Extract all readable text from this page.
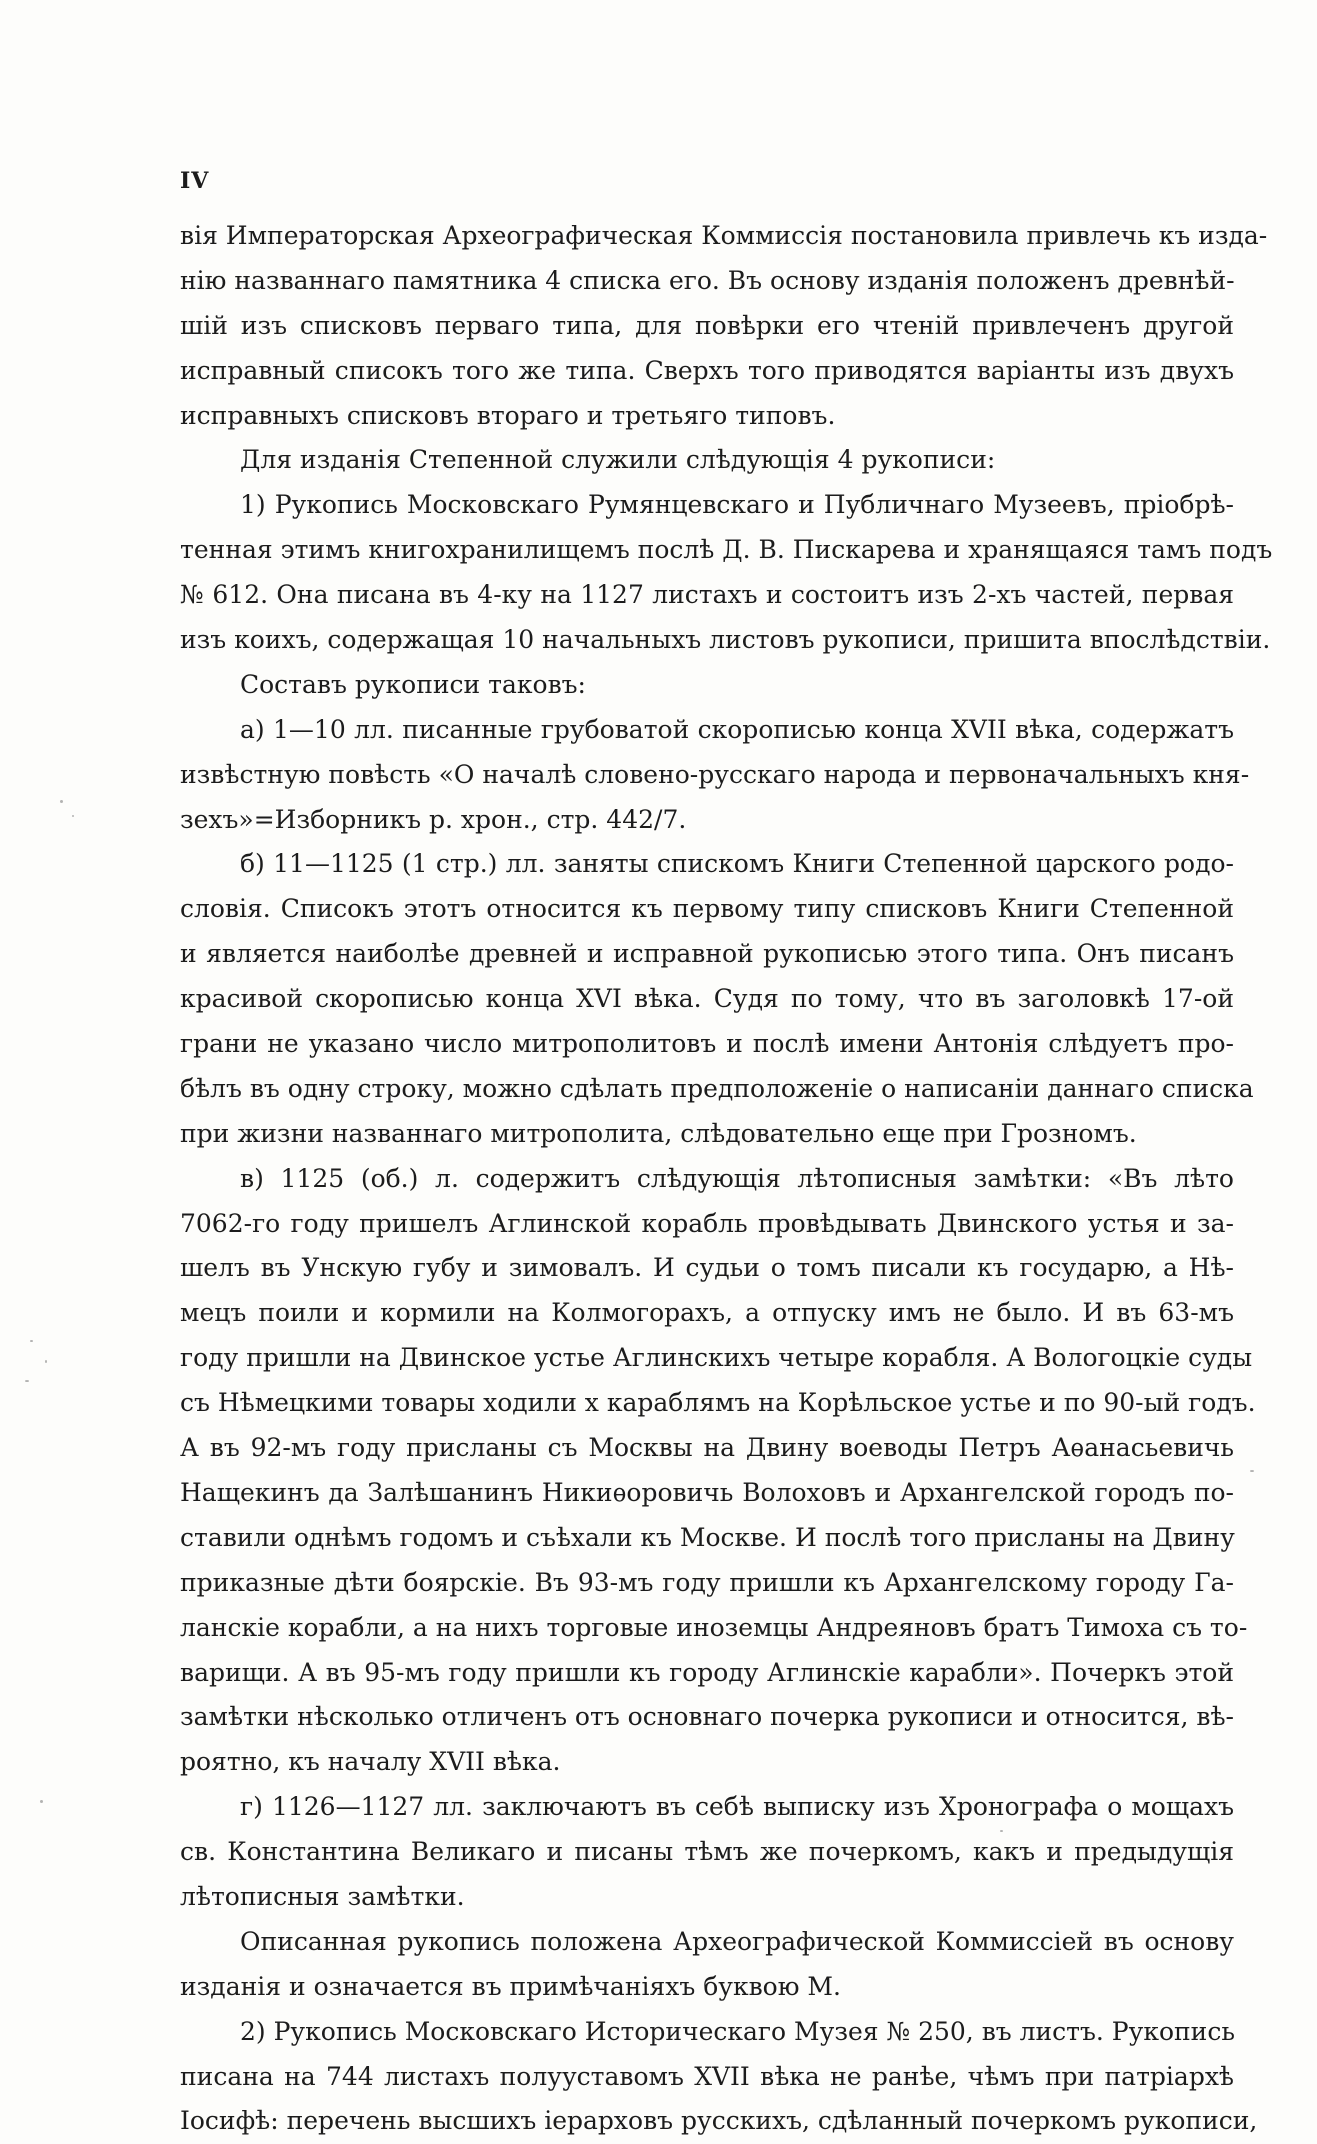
IV
вія Императорская Археографическая Коммиссія постановила привлечь къ изда-
нію названнаго памятника 4 списка его. Въ основу изданія положенъ древнѣй-
шій изъ списковъ перваго типа, для повѣрки его чтеній привлеченъ другой
исправный списокъ того же типа. Сверхъ того приводятся варіанты изъ двухъ
исправныхъ списковъ втораго и третьяго типовъ.
Для изданія Степенной служили слѣдующія 4 рукописи:
1) Рукопись Московскаго Румянцевскаго и Публичнаго Музеевъ, пріобрѣ-
тенная этимъ книгохранилищемъ послѣ Д. В. Пискарева и хранящаяся тамъ подъ
№ 612. Она писана въ 4-ку на 1127 листахъ и состоитъ изъ 2-хъ частей, первая
изъ коихъ, содержащая 10 начальныхъ листовъ рукописи, пришита впослѣдствіи.
Составъ рукописи таковъ:
а) 1—10 лл. писанные грубоватой скорописью конца XVII вѣка, содержатъ
извѣстную повѣсть «О началѣ словено-русскаго народа и первоначальныхъ кня-
зехъ»=Изборникъ р. хрон., стр. 442/7.
б) 11—1125 (1 стр.) лл. заняты спискомъ Книги Степенной царского родо-
словія. Списокъ этотъ относится къ первому типу списковъ Книги Степенной
и является наиболѣе древней и исправной рукописью этого типа. Онъ писанъ
красивой скорописью конца XVI вѣка. Судя по тому, что въ заголовкѣ 17-ой
грани не указано число митрополитовъ и послѣ имени Антонія слѣдуетъ про-
бѣлъ въ одну строку, можно сдѣлать предположеніе о написаніи даннаго списка
при жизни названнаго митрополита, слѣдовательно еще при Грозномъ.
в) 1125 (об.) л. содержитъ слѣдующія лѣтописныя замѣтки: «Въ лѣто
7062-го году пришелъ Аглинской корабль провѣдывать Двинского устья и за-
шелъ въ Унскую губу и зимовалъ. И судьи о томъ писали къ государю, а Нѣ-
мецъ поили и кормили на Колмогорахъ, а отпуску имъ не было. И въ 63-мъ
году пришли на Двинское устье Аглинскихъ четыре корабля. А Вологоцкіе суды
съ Нѣмецкими товары ходили х караблямъ на Корѣльское устье и по 90-ый годъ.
А въ 92-мъ году присланы съ Москвы на Двину воеводы Петръ Аѳанасьевичь
Нащекинъ да Залѣшанинъ Никиѳоровичь Волоховъ и Архангелской городъ по-
ставили однѣмъ годомъ и съѣхали къ Москве. И послѣ того присланы на Двину
приказные дѣти боярскіе. Въ 93-мъ году пришли къ Архангелскому городу Га-
ланскіе корабли, а на нихъ торговые иноземцы Андреяновъ братъ Тимоха съ то-
варищи. А въ 95-мъ году пришли къ городу Аглинскіе карабли». Почеркъ этой
замѣтки нѣсколько отличенъ отъ основнаго почерка рукописи и относится, вѣ-
роятно, къ началу XVII вѣка.
г) 1126—1127 лл. заключаютъ въ себѣ выписку изъ Хронографа о мощахъ
св. Константина Великаго и писаны тѣмъ же почеркомъ, какъ и предыдущія
лѣтописныя замѣтки.
Описанная рукопись положена Археографической Коммиссіей въ основу
изданія и означается въ примѣчаніяхъ буквою М.
2) Рукопись Московскаго Историческаго Музея № 250, въ листъ. Рукопись
писана на 744 листахъ полууставомъ XVII вѣка не ранѣе, чѣмъ при патріархѣ
Іосифѣ: перечень высшихъ іерарховъ русскихъ, сдѣланный почеркомъ рукописи,
